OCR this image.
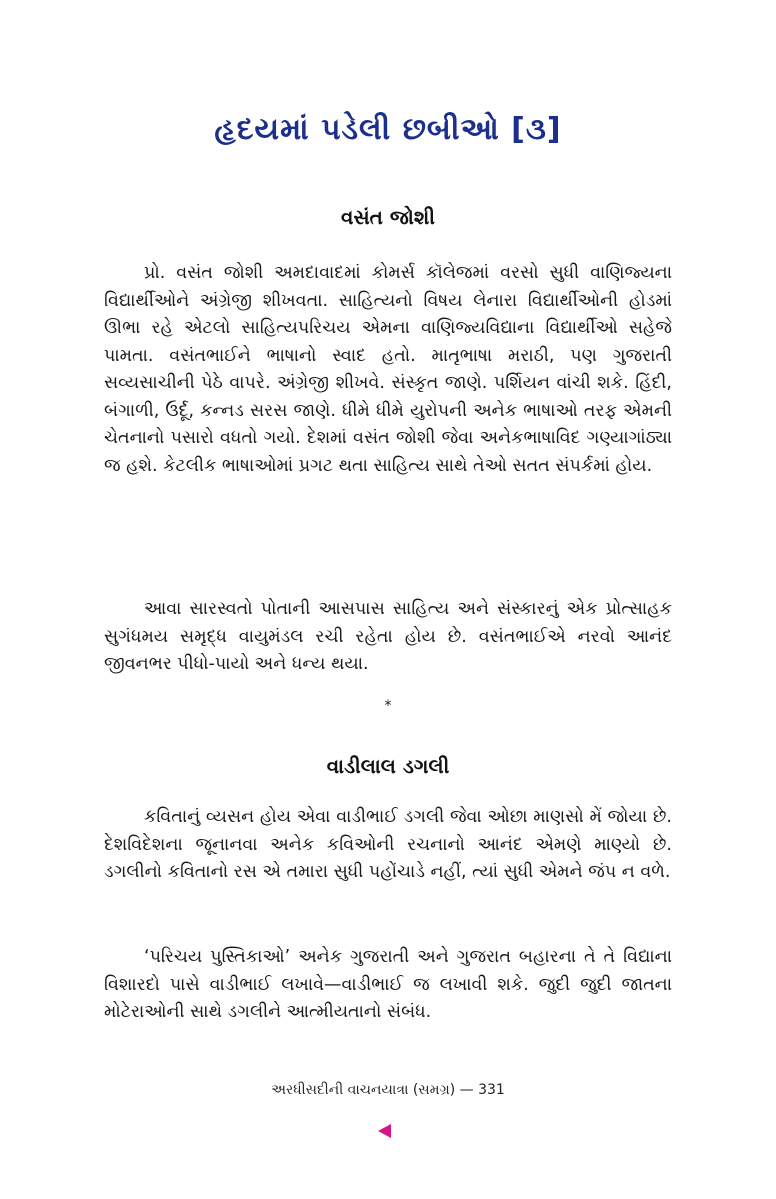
હૃદયમાં પડેલી છબીઓ [૩]
વસંત જોશી

પ્રો. વસંત જોશી અમદાવાદમાં કોમર્સ કૉલેજમાં વરસો સુધી વાણિજ્યના વિદ્યાર્થીઓને અંગ્રેજી શીખવતા. સાહિત્યનો વિષય લેનારા વિદ્યાર્થીઓની હોડમાં ઊભા રહે એટલો સાહિત્યપરિચય એમના વાણિજ્યવિદ્યાના વિદ્યાર્થીઓ સહેજે પામતા. વસંતભાઈને ભાષાનો સ્વાદ હતો. માતૃભાષા મરાઠી, પણ ગુજરાતી સવ્યસાચીની પેઠે વાપરે. અંગ્રેજી શીખવે. સંસ્કૃત જાણે. પર્શિયન વાંચી શકે. હિંદી, બંગાળી, ઉર્દૂ, કન્નડ સરસ જાણે. ધીમે ધીમે યુરોપની અનેક ભાષાઓ તરફ એમની ચેતનાનો પસારો વધતો ગયો. દેશમાં વસંત જોશી જેવા અનેકભાષાવિદ ગણ્યાગાંઠ્યા જ હશે. કેટલીક ભાષાઓમાં પ્રગટ થતા સાહિત્ય સાથે તેઓ સતત સંપર્કમાં હોય.

આવા સારસ્વતો પોતાની આસપાસ સાહિત્ય અને સંસ્કારનું એક પ્રોત્સાહક સુગંધમય સમૃદ્ધ વાયુમંડલ રચી રહેતા હોય છે. વસંતભાઈએ નરવો આનંદ જીવનભર પીધો-પાયો અને ધન્ય થયા.

*
વાડીલાલ ડગલી

કવિતાનું વ્યસન હોય એવા વાડીભાઈ ડગલી જેવા ઓછા માણસો મેં જોયા છે. દેશવિદેશના જૂનાનવા અનેક કવિઓની રચનાનો આનંદ એમણે માણ્યો છે. ડગલીનો કવિતાનો રસ એ તમારા સુધી પહોંચાડે નહીં, ત્યાં સુધી એમને જંપ ન વળે.

‘પરિચય પુસ્તિકાઓ’ અનેક ગુજરાતી અને ગુજરાત બહારના તે તે વિદ્યાના વિશારદો પાસે વાડીભાઈ લખાવે—વાડીભાઈ જ લખાવી શકે. જુદી જુદી જાતના મોટેરાઓની સાથે ડગલીને આત્મીયતાનો સંબંધ.

અરધીસદીની વાચનયાત્રા (સમગ્ર) — 331
